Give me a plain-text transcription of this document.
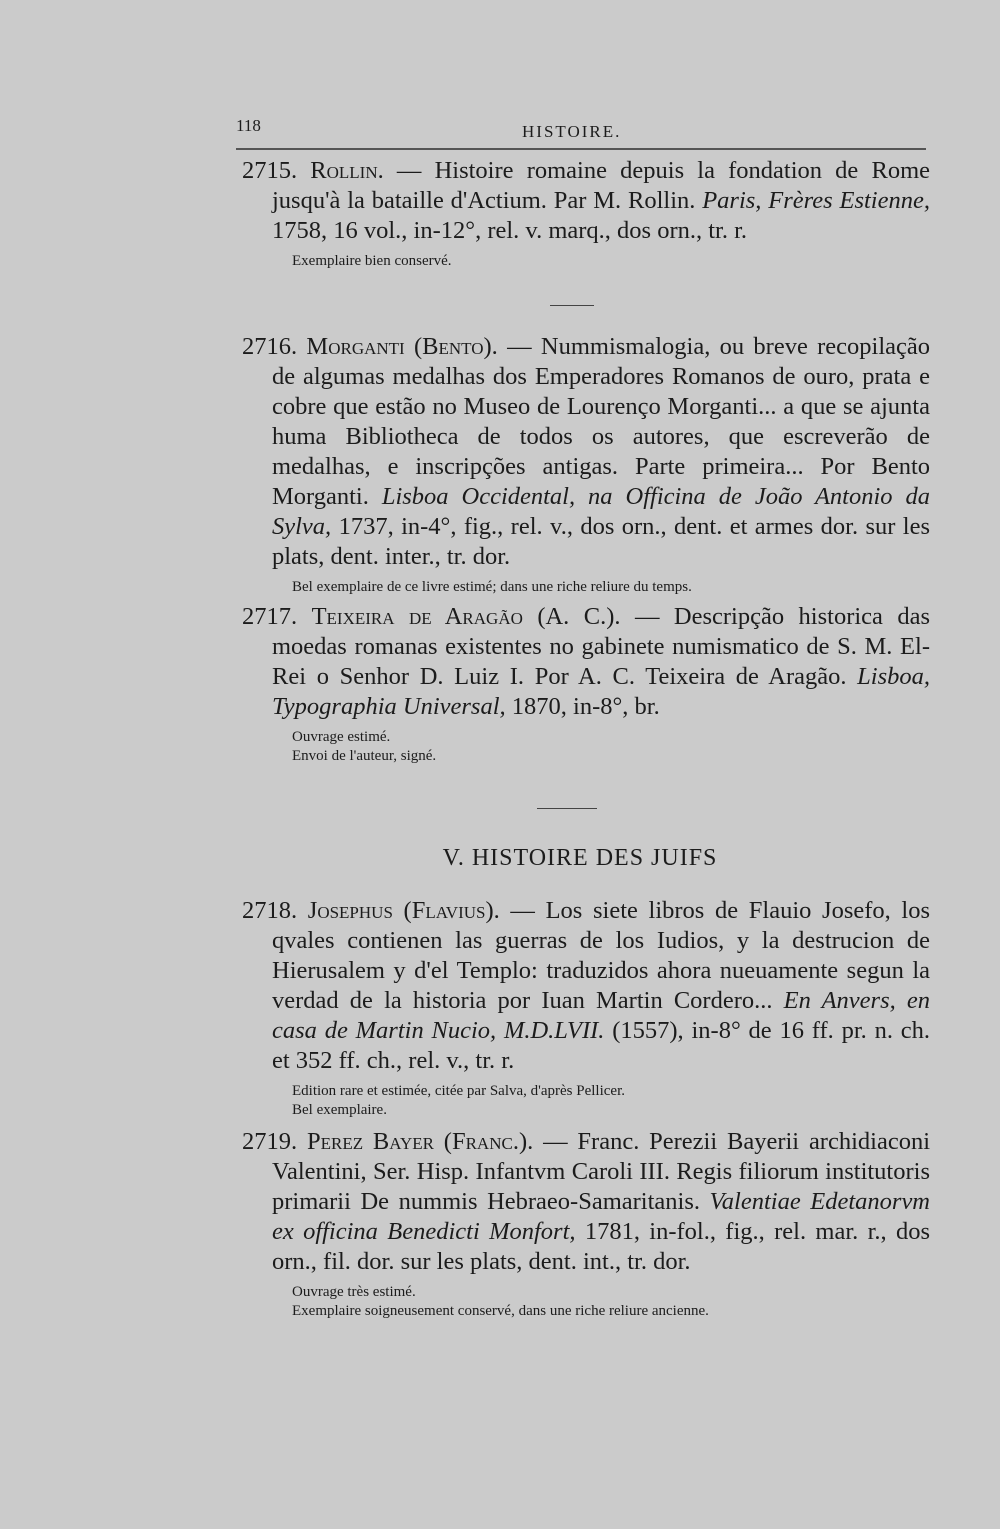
118	HISTOIRE.

2715. Rollin. — Histoire romaine depuis la fondation de Rome jusqu'à la bataille d'Actium. Par M. Rollin. Paris, Frères Estienne, 1758, 16 vol., in-12°, rel. v. marq., dos orn., tr. r.

Exemplaire bien conservé.

2716. Morganti (Bento). — Nummismalogia, ou breve recopilação de algumas medalhas dos Emperadores Romanos de ouro, prata e cobre que estão no Museo de Lourenço Morganti... a que se ajunta huma Bibliotheca de todos os autores, que escreverão de medalhas, e inscripções antigas. Parte primeira... Por Bento Morganti. Lisboa Occidental, na Officina de João Antonio da Sylva, 1737, in-4°, fig., rel. v., dos orn., dent. et armes dor. sur les plats, dent. inter., tr. dor.

Bel exemplaire de ce livre estimé; dans une riche reliure du temps.

2717. Teixeira de Aragão (A. C.). — Descripção historica das moedas romanas existentes no gabinete numismatico de S. M. El-Rei o Senhor D. Luiz I. Por A. C. Teixeira de Aragão. Lisboa, Typographia Universal, 1870, in-8°, br.

Ouvrage estimé.

Envoi de l'auteur, signé.

V. HISTOIRE DES JUIFS

2718. Josephus (Flavius). — Los siete libros de Flauio Josefo, los qvales contienen las guerras de los Iudios, y la destrucion de Hierusalem y d'el Templo: traduzidos ahora nueuamente segun la verdad de la historia por Iuan Martin Cordero... En Anvers, en casa de Martin Nucio, M.D.LVII. (1557), in-8° de 16 ff. pr. n. ch. et 352 ff. ch., rel. v., tr. r.

Edition rare et estimée, citée par Salva, d'après Pellicer.

Bel exemplaire.

2719. Perez Bayer (Franc.). — Franc. Perezii Bayerii archidiaconi Valentini, Ser. Hisp. Infantvm Caroli III. Regis filiorum institutoris primarii De nummis Hebraeo-Samaritanis. Valentiae Edetanorvm ex officina Benedicti Monfort, 1781, in-fol., fig., rel. mar. r., dos orn., fil. dor. sur les plats, dent. int., tr. dor.

Ouvrage très estimé.

Exemplaire soigneusement conservé, dans une riche reliure ancienne.
